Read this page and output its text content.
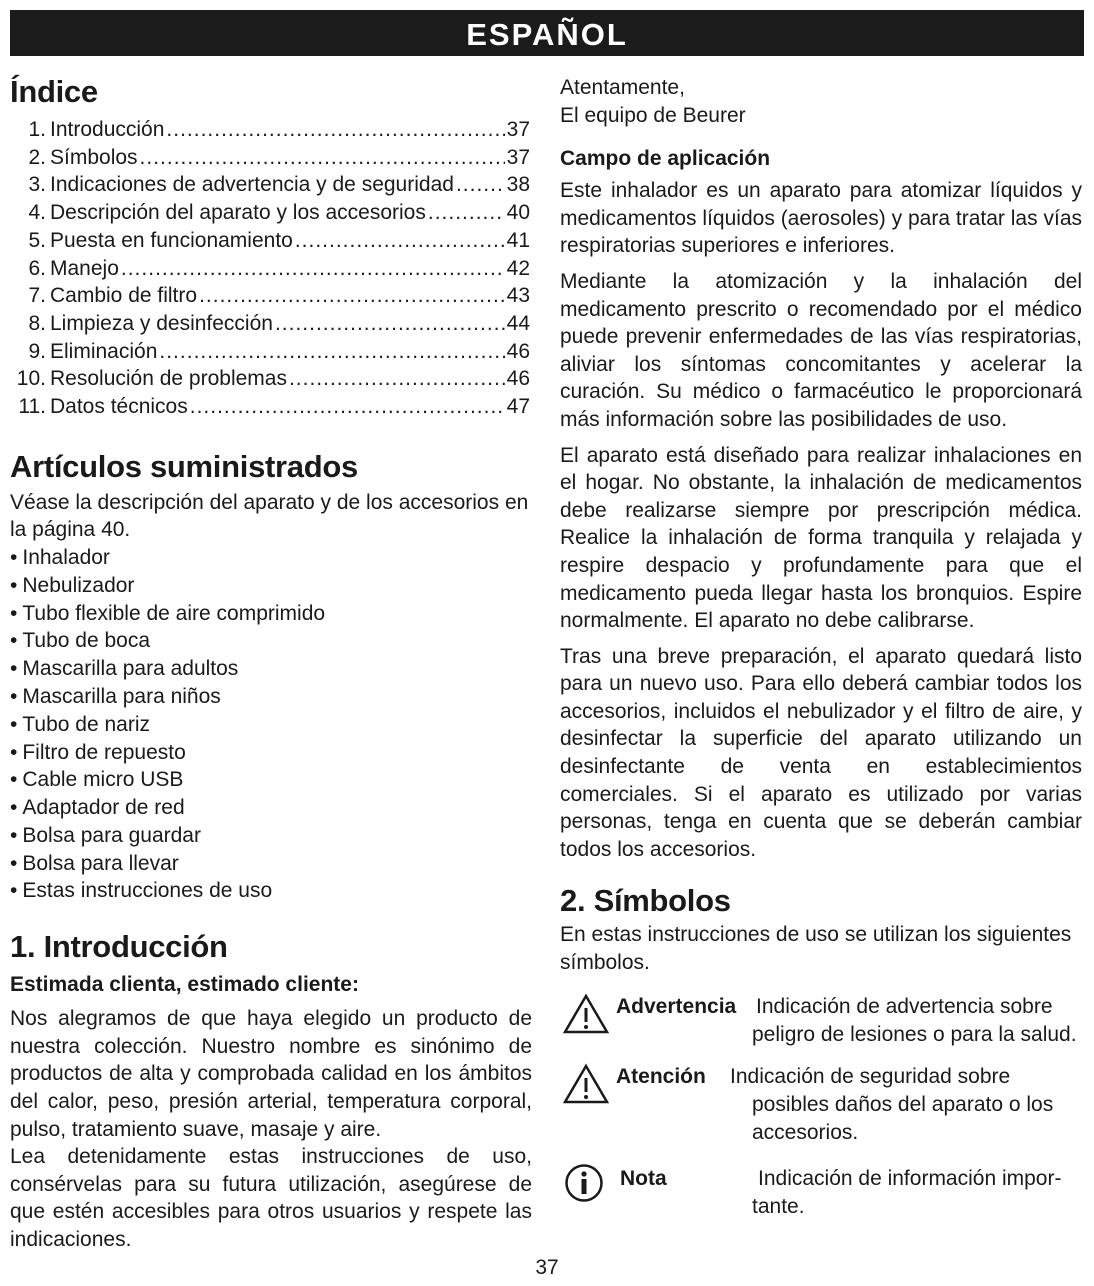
ESPAÑOL
Índice
1. Introducción .....	37
2. Símbolos .....	37
3. Indicaciones de advertencia y de seguridad .....	38
4. Descripción del aparato y los accesorios .....	40
5. Puesta en funcionamiento .....	41
6. Manejo .....	42
7. Cambio de filtro .....	43
8. Limpieza y desinfección .....	44
9. Eliminación .....	46
10. Resolución de problemas .....	46
11. Datos técnicos .....	47
Artículos suministrados

Véase la descripción del aparato y de los accesorios en la página 40.

• Inhalador
• Nebulizador
• Tubo flexible de aire comprimido
• Tubo de boca
• Mascarilla para adultos
• Mascarilla para niños
• Tubo de nariz
• Filtro de repuesto
• Cable micro USB
• Adaptador de red
• Bolsa para guardar
• Bolsa para llevar
• Estas instrucciones de uso
1. Introducción
Estimada clienta, estimado cliente:

Nos alegramos de que haya elegido un producto de nuestra colección. Nuestro nombre es sinónimo de productos de alta y comprobada calidad en los ámbitos del calor, peso, presión arterial, temperatura corporal, pulso, tratamiento suave, masaje y aire.

Lea detenidamente estas instrucciones de uso, consérvelas para su futura utilización, asegúrese de que estén accesibles para otros usuarios y respete las indicaciones.

Atentamente,

El equipo de Beurer

Campo de aplicación

Este inhalador es un aparato para atomizar líquidos y medicamentos líquidos (aerosoles) y para tratar las vías respiratorias superiores e inferiores.

Mediante la atomización y la inhalación del medicamento prescrito o recomendado por el médico puede prevenir enfermedades de las vías respiratorias, aliviar los síntomas concomitantes y acelerar la curación. Su médico o farmacéutico le proporcionará más información sobre las posibilidades de uso.

El aparato está diseñado para realizar inhalaciones en el hogar. No obstante, la inhalación de medicamentos debe realizarse siempre por prescripción médica. Realice la inhalación de forma tranquila y relajada y respire despacio y profundamente para que el medicamento pueda llegar hasta los bronquios. Espire normalmente. El aparato no debe calibrarse.

Tras una breve preparación, el aparato quedará listo para un nuevo uso. Para ello deberá cambiar todos los accesorios, incluidos el nebulizador y el filtro de aire, y desinfectar la superficie del aparato utilizando un desinfectante de venta en establecimientos comerciales. Si el aparato es utilizado por varias personas, tenga en cuenta que se deberán cambiar todos los accesorios.

2. Símbolos

En estas instrucciones de uso se utilizan los siguientes símbolos.

Advertencia Indicación de advertencia sobre
peligro de lesiones o para la salud.
Atención Indicación de seguridad sobre
posibles daños del aparato o los accesorios.
Nota	Indicación de información impor-
tante.
37
